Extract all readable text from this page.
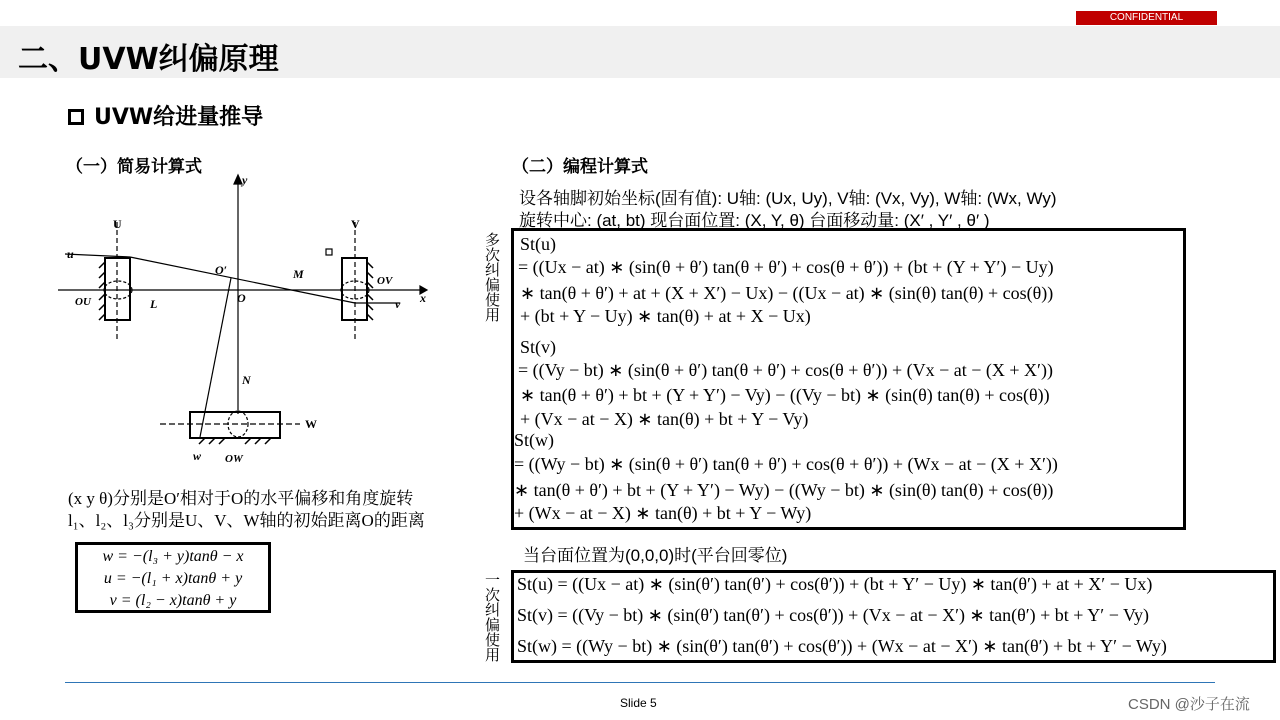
CONFIDENTIAL
二、UVW纠偏原理
UVW给进量推导
（一）简易计算式
y
x
U	V
W
u
v
w
O′
O
M
L
N
OU
OV
OW
(x y θ)分别是O′相对于O的水平偏移和角度旋转
l₁、l₂、l₃分别是U、V、W轴的初始距离O的距离
w = −(l₃ + y)tanθ − x
u = −(l₁ + x)tanθ + y
v = (l₂ − x)tanθ + y
（二）编程计算式
设各轴脚初始坐标(固有值): U轴: (Ux, Uy), V轴: (Vx, Vy), W轴: (Wx, Wy)
旋转中心: (at, bt) 现台面位置: (X, Y, θ) 台面移动量: (X′ , Y′ , θ′ )
多次纠偏使用 St(u)
= ((Ux − at) ∗ (sin(θ + θ′) tan(θ + θ′) + cos(θ + θ′)) + (bt + (Y + Y′) − Uy)
∗ tan(θ + θ′) + at + (X + X′) − Ux) − ((Ux − at) ∗ (sin(θ) tan(θ) + cos(θ))
+ (bt + Y − Uy) ∗ tan(θ) + at + X − Ux)
St(v)
= ((Vy − bt) ∗ (sin(θ + θ′) tan(θ + θ′) + cos(θ + θ′)) + (Vx − at − (X + X′))
∗ tan(θ + θ′) + bt + (Y + Y′) − Vy) − ((Vy − bt) ∗ (sin(θ) tan(θ) + cos(θ))
+ (Vx − at − X) ∗ tan(θ) + bt + Y − Vy)
St(w)
= ((Wy − bt) ∗ (sin(θ + θ′) tan(θ + θ′) + cos(θ + θ′)) + (Wx − at − (X + X′))
∗ tan(θ + θ′) + bt + (Y + Y′) − Wy) − ((Wy − bt) ∗ (sin(θ) tan(θ) + cos(θ))
+ (Wx − at − X) ∗ tan(θ) + bt + Y − Wy)
当台面位置为(0,0,0)时(平台回零位)
一次纠偏使用 St(u) = ((Ux − at) ∗ (sin(θ′) tan(θ′) + cos(θ′)) + (bt + Y′ − Uy) ∗ tan(θ′) + at + X′ − Ux)
St(v) = ((Vy − bt) ∗ (sin(θ′) tan(θ′) + cos(θ′)) + (Vx − at − X′) ∗ tan(θ′) + bt + Y′ − Vy)
St(w) = ((Wy − bt) ∗ (sin(θ′) tan(θ′) + cos(θ′)) + (Wx − at − X′) ∗ tan(θ′) + bt + Y′ − Wy)
Slide 5	CSDN @沙子在流
